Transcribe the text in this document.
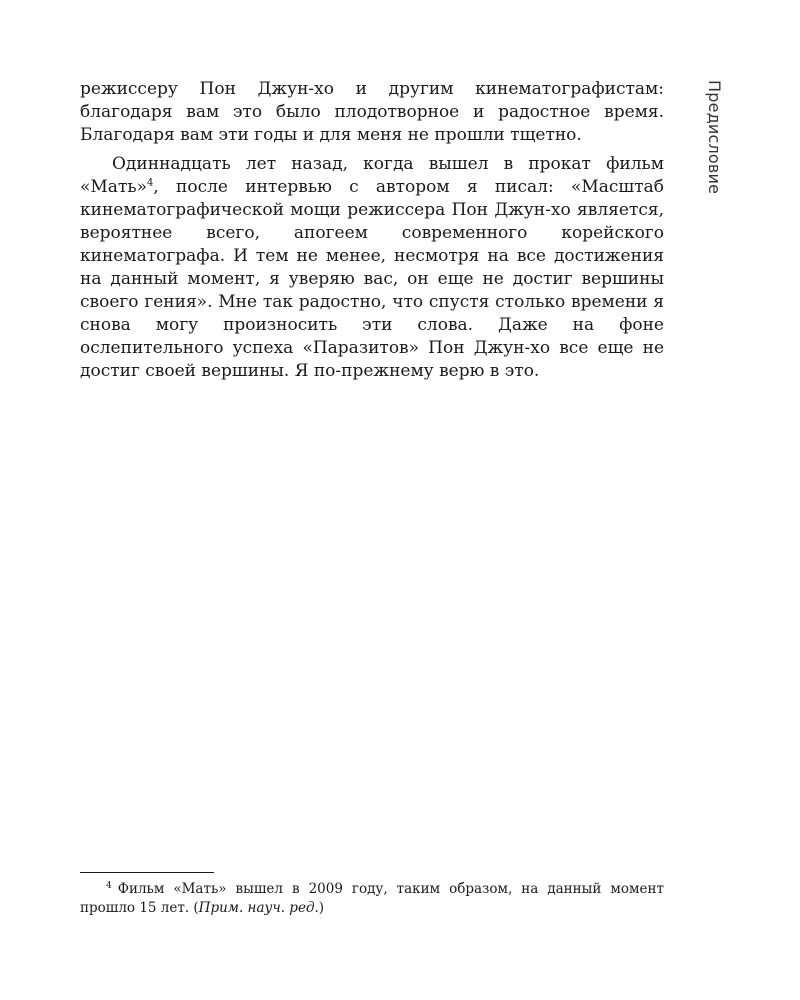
режиссеру Пон Джун-хо и другим кинематографистам: благодаря вам это было плодотворное и радостное время. Благодаря вам эти годы и для меня не прошли тщетно.

Одиннадцать лет назад, когда вышел в прокат фильм «Мать»$^4$, после интервью с автором я писал: «Масштаб кинематографической мощи режиссера Пон Джун-хо является, вероятнее всего, апогеем современного корейского кинематографа. И тем не менее, несмотря на все достижения на данный момент, я уверяю вас, он еще не достиг вершины своего гения». Мне так радостно, что спустя столько времени я снова могу произносить эти слова. Даже на фоне ослепительного успеха «Паразитов» Пон Джун-хо все еще не достиг своей вершины. Я по-прежнему верю в это.

Предисловие
$^4$ Фильм «Мать» вышел в 2009 году, таким образом, на данный момент прошло 15 лет. (Прим. науч. ред.)
